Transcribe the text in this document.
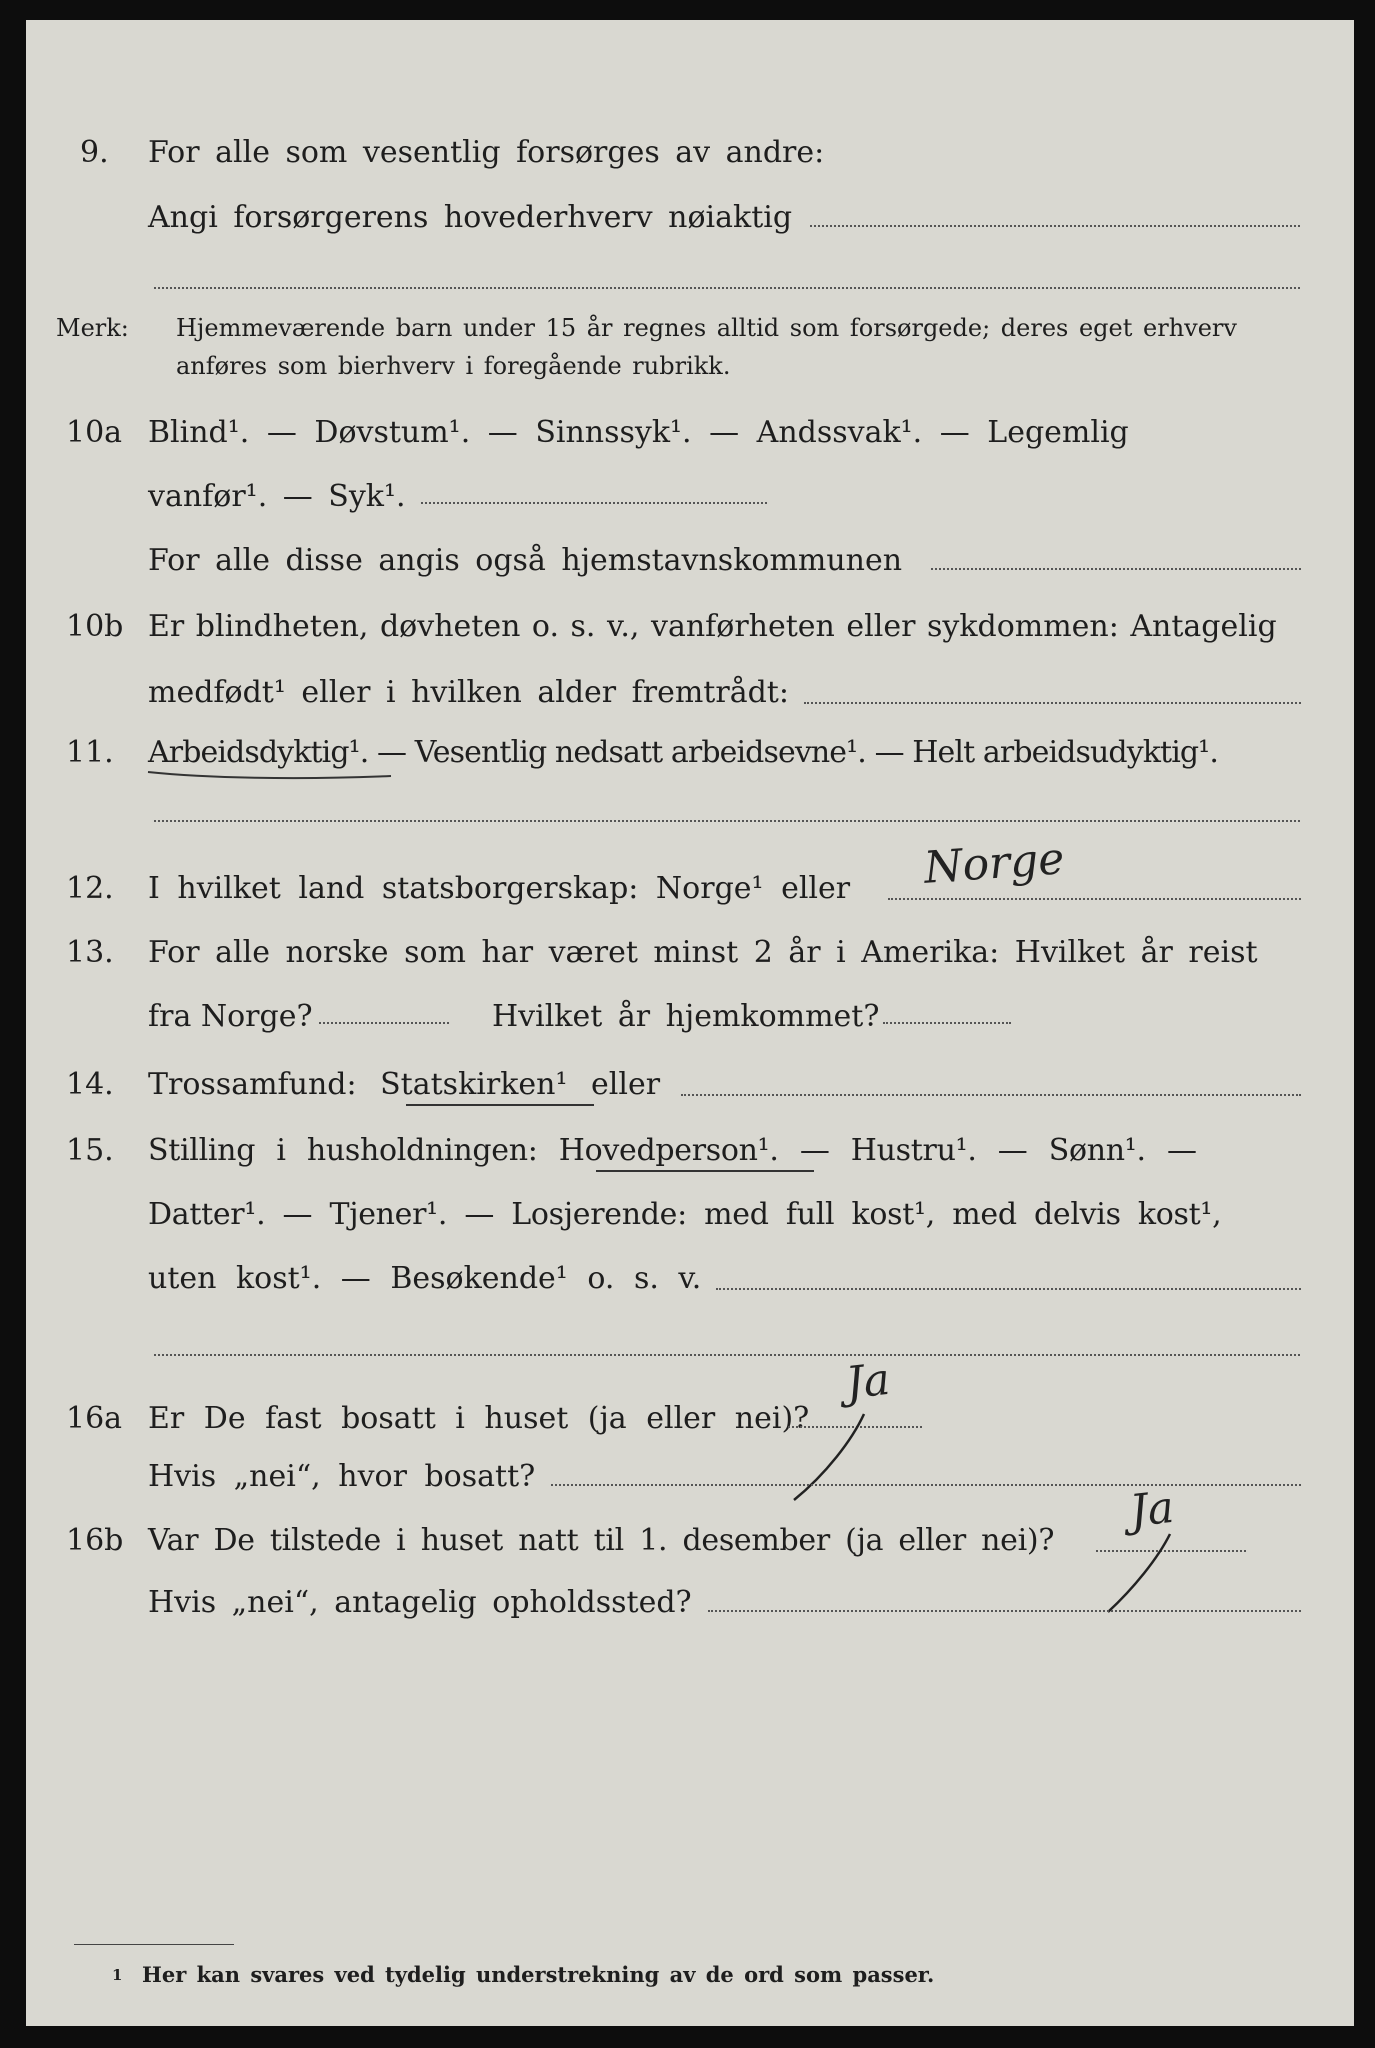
9. For alle som vesentlig forsørges av andre:
Angi forsørgerens hovederhverv nøiaktig
Merk: Hjemmeværende barn under 15 år regnes alltid som forsørgede; deres eget erhverv
anføres som bierhverv i foregående rubrikk.
10a Blind¹. — Døvstum¹. — Sinnssyk¹. — Andssvak¹. — Legemlig
vanfør¹. — Syk¹.
For alle disse angis også hjemstavnskommunen
10b Er blindheten, døvheten o. s. v., vanførheten eller sykdommen: Antagelig
medfødt¹ eller i hvilken alder fremtrådt:
11. Arbeidsdyktig¹. — Vesentlig nedsatt arbeidsevne¹. — Helt arbeidsudyktig¹.
12. I hvilket land statsborgerskap: Norge¹ eller Norge
13. For alle norske som har været minst 2 år i Amerika: Hvilket år reist
fra Norge?	Hvilket år hjemkommet?
14. Trossamfund: Statskirken¹ eller
15. Stilling i husholdningen: Hovedperson¹. — Hustru¹. — Sønn¹. —
Datter¹. — Tjener¹. — Losjerende: med full kost¹, med delvis kost¹,
uten kost¹. — Besøkende¹ o. s. v.
16a Er De fast bosatt i huset (ja eller nei)?
Ja
Hvis „nei“, hvor bosatt?
16b Var De tilstede i huset natt til 1. desember (ja eller nei)?
Ja
Hvis „nei“, antagelig opholdssted?
1 Her kan svares ved tydelig understrekning av de ord som passer.
